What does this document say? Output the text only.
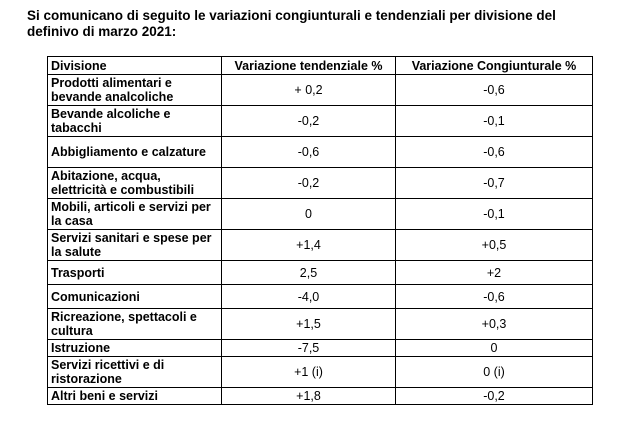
Si comunicano di seguito le variazioni congiunturali e tendenziali per divisione del definivo di marzo 2021:

Divisione	Variazione tendenziale %	Variazione Congiunturale %
Prodotti alimentari e bevande analcoliche	+ 0,2	-0,6
Bevande alcoliche e tabacchi	-0,2	-0,1
Abbigliamento e calzature	-0,6	-0,6
Abitazione, acqua, elettricità e combustibili	-0,2	-0,7
Mobili, articoli e servizi per la casa	0	-0,1
Servizi sanitari e spese per la salute	+1,4	+0,5
Trasporti	2,5	+2
Comunicazioni	-4,0	-0,6
Ricreazione, spettacoli e cultura	+1,5	+0,3
Istruzione	-7,5	0
Servizi ricettivi e di ristorazione	+1 (i)	0 (i)
Altri beni e servizi	+1,8	-0,2
